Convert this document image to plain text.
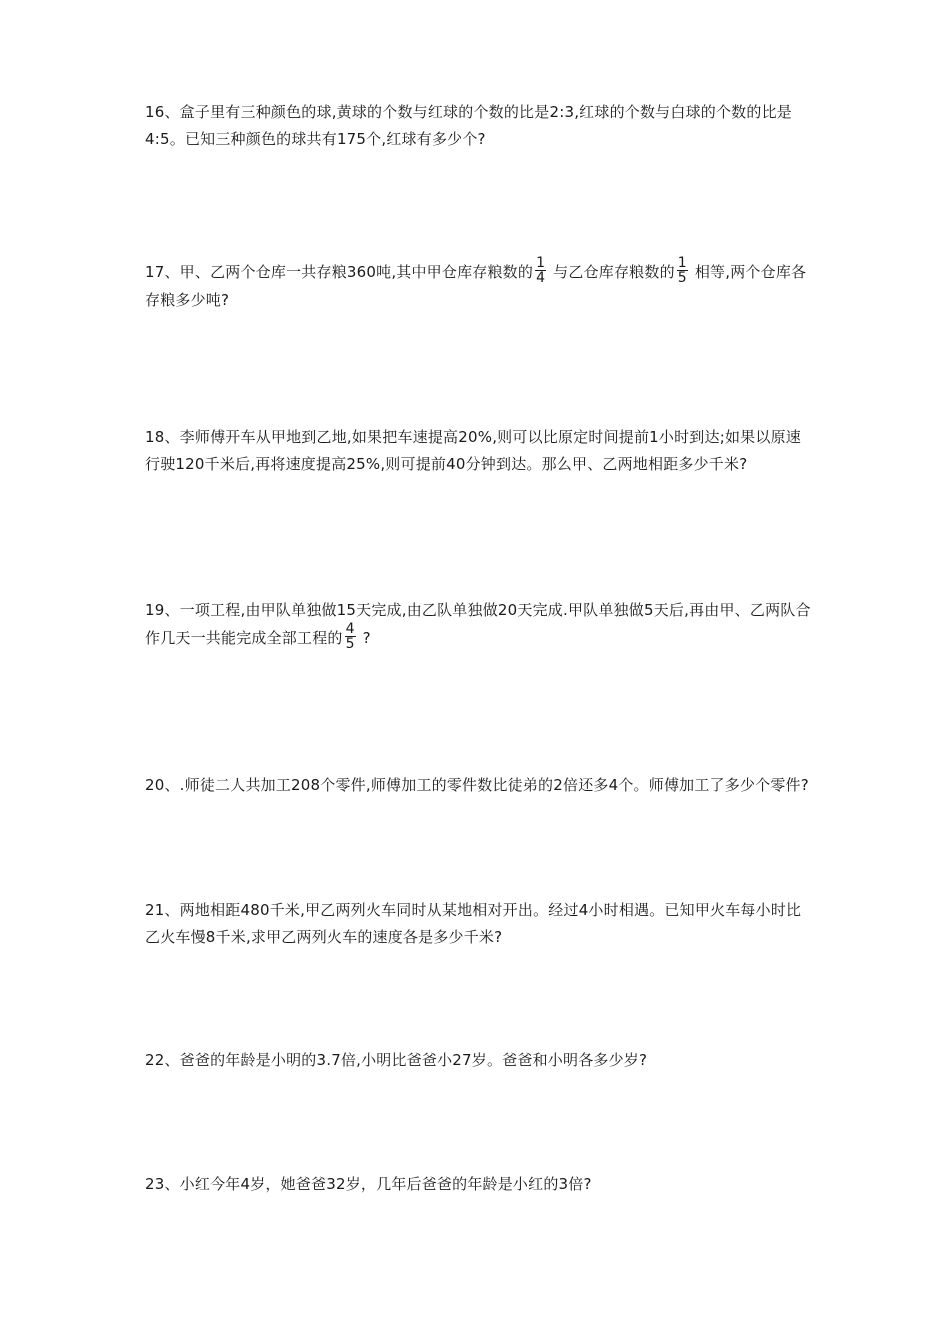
16、盒子里有三种颜色的球,黄球的个数与红球的个数的比是2:3,红球的个数与白球的个数的比是4:5。已知三种颜色的球共有175个,红球有多少个?
17、甲、乙两个仓库一共存粮360吨,其中甲仓库存粮数的 $\frac{1}{4}$ 与乙仓库存粮数的 $\frac{1}{5}$ 相等,两个仓库各存粮多少吨?
18、李师傅开车从甲地到乙地,如果把车速提高20%,则可以比原定时间提前1小时到达;如果以原速行驶120千米后,再将速度提高25%,则可提前40分钟到达。那么甲、乙两地相距多少千米?
19、一项工程,由甲队单独做15天完成,由乙队单独做20天完成.甲队单独做5天后,再由甲、乙两队合作几天一共能完成全部工程的 $\frac{4}{5}$ ?
20、.师徒二人共加工208个零件,师傅加工的零件数比徒弟的2倍还多4个。师傅加工了多少个零件?
21、两地相距480千米,甲乙两列火车同时从某地相对开出。经过4小时相遇。已知甲火车每小时比乙火车慢8千米,求甲乙两列火车的速度各是多少千米?
22、爸爸的年龄是小明的3.7倍,小明比爸爸小27岁。爸爸和小明各多少岁?
23、小红今年4岁，她爸爸32岁，几年后爸爸的年龄是小红的3倍?
